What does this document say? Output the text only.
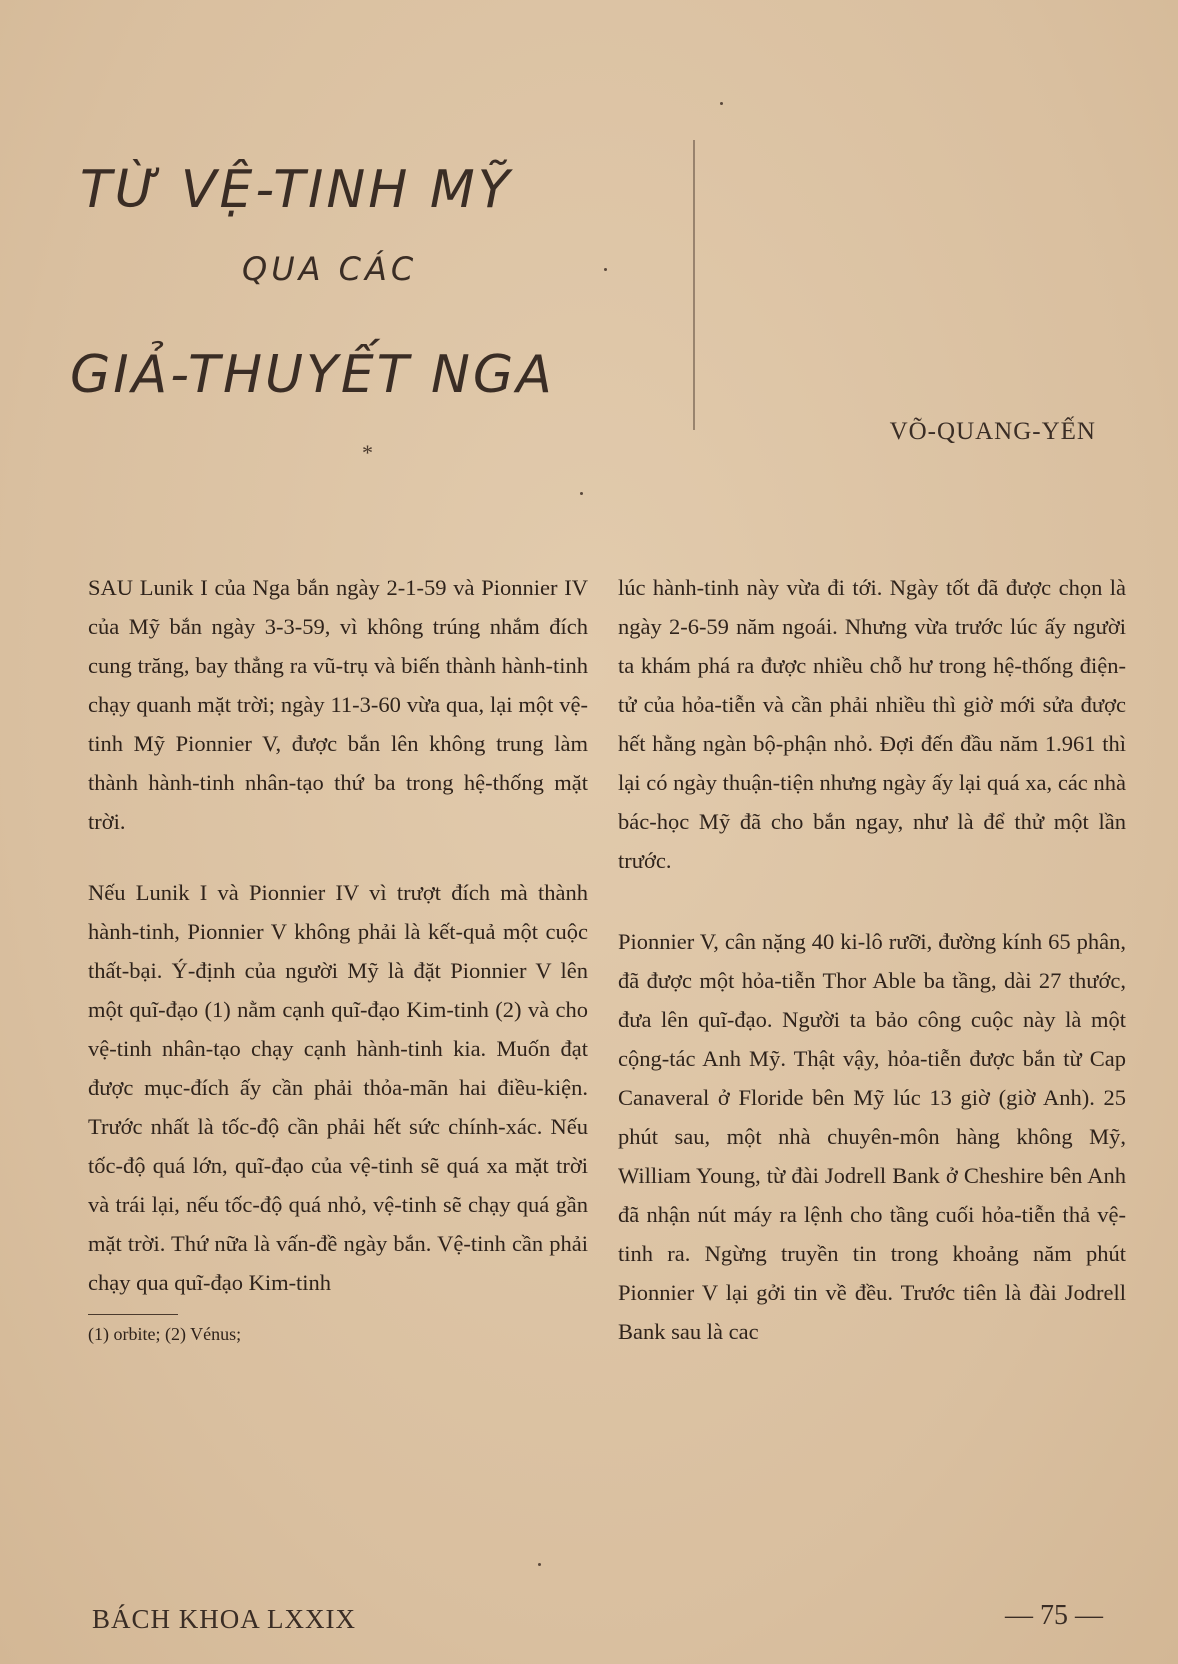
TỪ VỆ-TINH MỸ
QUA CÁC
GIẢ-THUYẾT NGA
*
VÕ-QUANG-YẾN

SAU Lunik I của Nga bắn ngày 2-1-59 và Pionnier IV của Mỹ bắn ngày 3-3-59, vì không trúng nhắm đích cung trăng, bay thẳng ra vũ-trụ và biến thành hành-tinh chạy quanh mặt trời; ngày 11-3-60 vừa qua, lại một vệ-tinh Mỹ Pionnier V, được bắn lên không trung làm thành hành-tinh nhân-tạo thứ ba trong hệ-thống mặt trời.

Nếu Lunik I và Pionnier IV vì trượt đích mà thành hành-tinh, Pionnier V không phải là kết-quả một cuộc thất-bại. Ý-định của người Mỹ là đặt Pionnier V lên một quĩ-đạo (1) nằm cạnh quĩ-đạo Kim-tinh (2) và cho vệ-tinh nhân-tạo chạy cạnh hành-tinh kia. Muốn đạt được mục-đích ấy cần phải thỏa-mãn hai điều-kiện. Trước nhất là tốc-độ cần phải hết sức chính-xác. Nếu tốc-độ quá lớn, quĩ-đạo của vệ-tinh sẽ quá xa mặt trời và trái lại, nếu tốc-độ quá nhỏ, vệ-tinh sẽ chạy quá gần mặt trời. Thứ nữa là vấn-đề ngày bắn. Vệ-tinh cần phải chạy qua quĩ-đạo Kim-tinh

(1) orbite; (2) Vénus;

lúc hành-tinh này vừa đi tới. Ngày tốt đã được chọn là ngày 2-6-59 năm ngoái. Nhưng vừa trước lúc ấy người ta khám phá ra được nhiều chỗ hư trong hệ-thống điện-tử của hỏa-tiễn và cần phải nhiều thì giờ mới sửa được hết hằng ngàn bộ-phận nhỏ. Đợi đến đầu năm 1.961 thì lại có ngày thuận-tiện nhưng ngày ấy lại quá xa, các nhà bác-học Mỹ đã cho bắn ngay, như là để thử một lần trước.

Pionnier V, cân nặng 40 ki-lô rưỡi, đường kính 65 phân, đã được một hỏa-tiễn Thor Able ba tầng, dài 27 thước, đưa lên quĩ-đạo. Người ta bảo công cuộc này là một cộng-tác Anh Mỹ. Thật vậy, hỏa-tiễn được bắn từ Cap Canaveral ở Floride bên Mỹ lúc 13 giờ (giờ Anh). 25 phút sau, một nhà chuyên-môn hàng không Mỹ, William Young, từ đài Jodrell Bank ở Cheshire bên Anh đã nhận nút máy ra lệnh cho tầng cuối hỏa-tiễn thả vệ-tinh ra. Ngừng truyền tin trong khoảng năm phút Pionnier V lại gởi tin về đều. Trước tiên là đài Jodrell Bank sau là cac

BÁCH KHOA LXXIX	— 75 —
